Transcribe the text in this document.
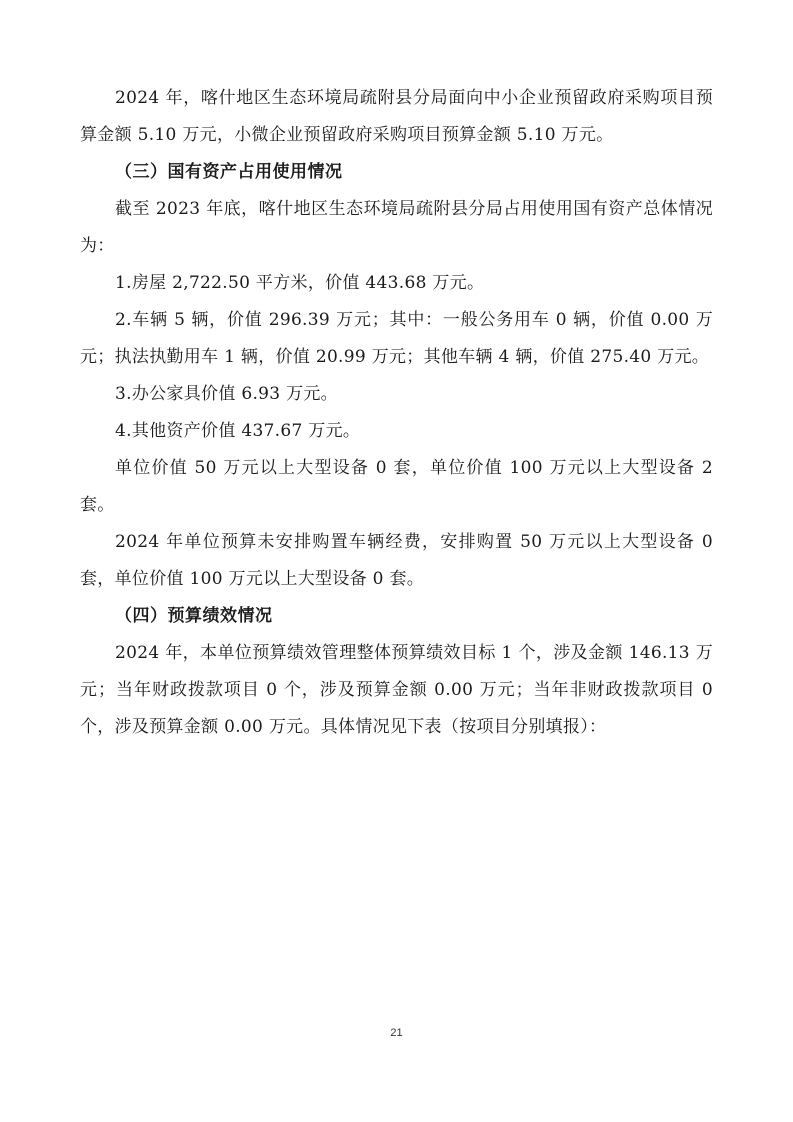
2024 年，喀什地区生态环境局疏附县分局面向中小企业预留政府采购项目预算金额 5.10 万元，小微企业预留政府采购项目预算金额 5.10 万元。

（三）国有资产占用使用情况

截至 2023 年底，喀什地区生态环境局疏附县分局占用使用国有资产总体情况为：

1.房屋 2,722.50 平方米，价值 443.68 万元。

2.车辆 5 辆，价值 296.39 万元；其中：一般公务用车 0 辆，价值 0.00 万元；执法执勤用车 1 辆，价值 20.99 万元；其他车辆 4 辆，价值 275.40 万元。

3.办公家具价值 6.93 万元。

4.其他资产价值 437.67 万元。

单位价值 50 万元以上大型设备 0 套，单位价值 100 万元以上大型设备 2 套。

2024 年单位预算未安排购置车辆经费，安排购置 50 万元以上大型设备 0 套，单位价值 100 万元以上大型设备 0 套。

（四）预算绩效情况

2024 年，本单位预算绩效管理整体预算绩效目标 1 个，涉及金额 146.13 万元；当年财政拨款项目 0 个，涉及预算金额 0.00 万元；当年非财政拨款项目 0 个，涉及预算金额 0.00 万元。具体情况见下表（按项目分别填报）：

21
